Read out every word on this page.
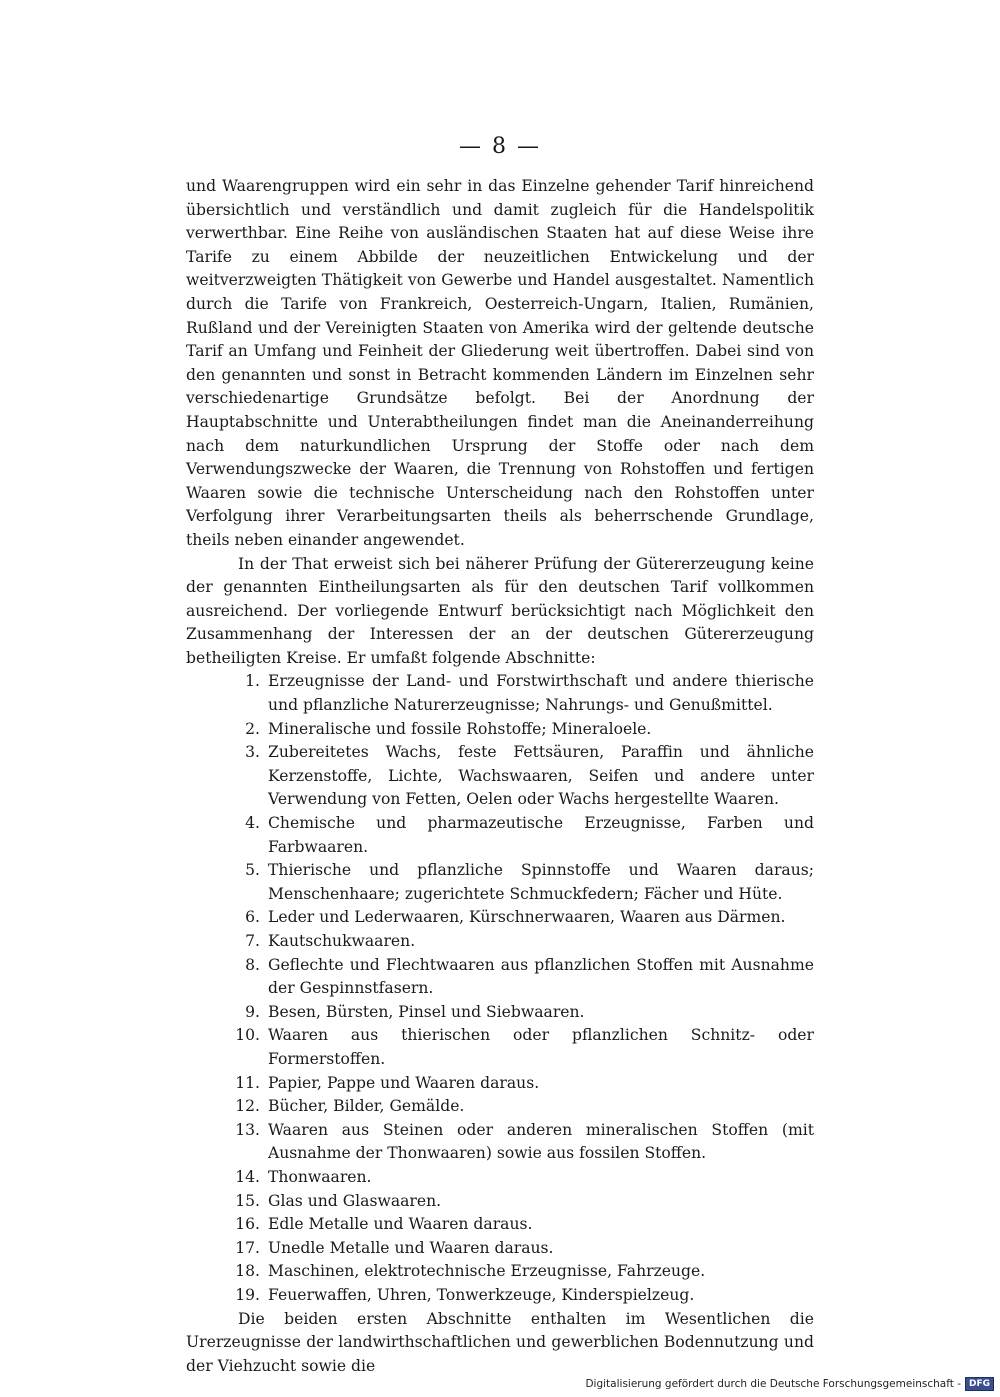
— 8 —

und Waarengruppen wird ein sehr in das Einzelne gehender Tarif hinreichend übersichtlich und verständlich und damit zugleich für die Handelspolitik verwerthbar. Eine Reihe von ausländischen Staaten hat auf diese Weise ihre Tarife zu einem Abbilde der neuzeitlichen Entwickelung und der weitverzweigten Thätigkeit von Gewerbe und Handel ausgestaltet. Namentlich durch die Tarife von Frankreich, Oesterreich-Ungarn, Italien, Rumänien, Rußland und der Vereinigten Staaten von Amerika wird der geltende deutsche Tarif an Umfang und Feinheit der Gliederung weit übertroffen. Dabei sind von den genannten und sonst in Betracht kommenden Ländern im Einzelnen sehr verschiedenartige Grundsätze befolgt. Bei der Anordnung der Hauptabschnitte und Unterabtheilungen findet man die Aneinanderreihung nach dem naturkundlichen Ursprung der Stoffe oder nach dem Verwendungszwecke der Waaren, die Trennung von Rohstoffen und fertigen Waaren sowie die technische Unterscheidung nach den Rohstoffen unter Verfolgung ihrer Verarbeitungsarten theils als beherrschende Grundlage, theils neben einander angewendet.

In der That erweist sich bei näherer Prüfung der Gütererzeugung keine der genannten Eintheilungsarten als für den deutschen Tarif vollkommen ausreichend. Der vorliegende Entwurf berücksichtigt nach Möglichkeit den Zusammenhang der Interessen der an der deutschen Gütererzeugung betheiligten Kreise. Er umfaßt folgende Abschnitte:

1. Erzeugnisse der Land- und Forstwirthschaft und andere thierische und pflanzliche Naturerzeugnisse; Nahrungs- und Genußmittel.
2. Mineralische und fossile Rohstoffe; Mineraloele.
3. Zubereitetes Wachs, feste Fettsäuren, Paraffin und ähnliche Kerzenstoffe, Lichte, Wachswaaren, Seifen und andere unter Verwendung von Fetten, Oelen oder Wachs hergestellte Waaren.
4. Chemische und pharmazeutische Erzeugnisse, Farben und Farbwaaren.
5. Thierische und pflanzliche Spinnstoffe und Waaren daraus; Menschenhaare; zugerichtete Schmuckfedern; Fächer und Hüte.
6. Leder und Lederwaaren, Kürschnerwaaren, Waaren aus Därmen.
7. Kautschukwaaren.
8. Geflechte und Flechtwaaren aus pflanzlichen Stoffen mit Ausnahme der Gespinnstfasern.
9. Besen, Bürsten, Pinsel und Siebwaaren.
10. Waaren aus thierischen oder pflanzlichen Schnitz- oder Formerstoffen.
11. Papier, Pappe und Waaren daraus.
12. Bücher, Bilder, Gemälde.
13. Waaren aus Steinen oder anderen mineralischen Stoffen (mit Ausnahme der Thonwaaren) sowie aus fossilen Stoffen.
14. Thonwaaren.
15. Glas und Glaswaaren.
16. Edle Metalle und Waaren daraus.
17. Unedle Metalle und Waaren daraus.
18. Maschinen, elektrotechnische Erzeugnisse, Fahrzeuge.
19. Feuerwaffen, Uhren, Tonwerkzeuge, Kinderspielzeug.

Die beiden ersten Abschnitte enthalten im Wesentlichen die Urerzeugnisse der landwirthschaftlichen und gewerblichen Bodennutzung und der Viehzucht sowie die

Digitalisierung gefördert durch die Deutsche Forschungsgemeinschaft - DFG
